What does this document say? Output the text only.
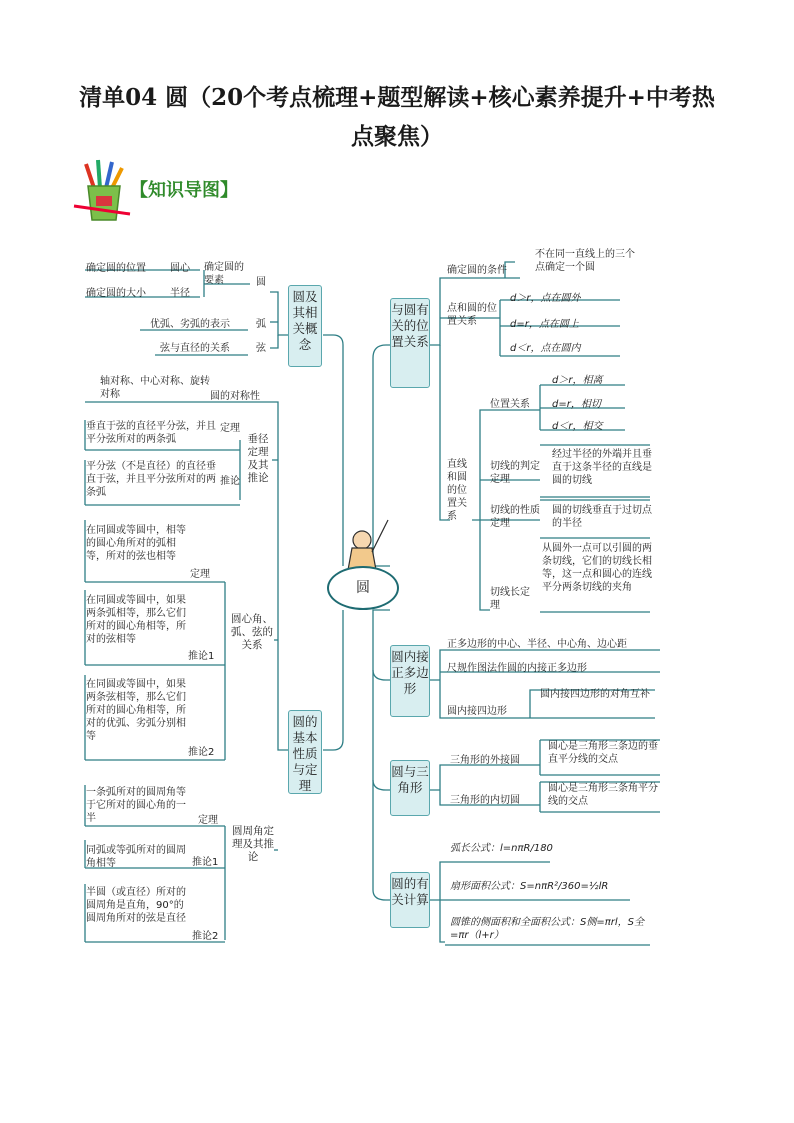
清单04 圆（20个考点梳理+题型解读+核心素养提升+中考热
点聚焦）
【知识导图】
圆
圆及其相关概念
确定圆的位置 圆心
确定圆的大小 半径
确定圆的要素	圆
优弧、劣弧的表示	弧
弦与直径的关系	弦
圆的基本性质与定理
轴对称、中心对称、旋转对称	圆的对称性
垂径定理及其推论
垂直于弦的直径平分弦，并且平分弦所对的两条弧
定理
平分弦（不是直径）的直径垂直于弦，并且平分弦所对的两条弧
推论
圆心角、弧、弦的关系
在同圆或等圆中，相等的圆心角所对的弧相等，所对的弦也相等
定理
在同圆或等圆中，如果两条弧相等，那么它们所对的圆心角相等，所对的弦相等
推论1
在同圆或等圆中，如果两条弦相等，那么它们所对的圆心角相等，所对的优弧、劣弧分别相等
推论2
圆周角定理及其推论
一条弧所对的圆周角等于它所对的圆心角的一半	定理
同弧或等弧所对的圆周角相等	推论1
半圆（或直径）所对的圆周角是直角，90°的圆周角所对的弦是直径
推论2
与圆有关的位置关系
确定圆的条件
不在同一直线上的三个点确定一个圆
点和圆的位置关系
d＞r，点在圆外
d=r，点在圆上
d＜r，点在圆内
直线和圆的位置关系
位置关系
d＞r，相离
d=r，相切
d＜r，相交
切线的判定定理
经过半径的外端并且垂直于这条半径的直线是圆的切线
切线的性质定理
圆的切线垂直于过切点的半径
切线长定理
从圆外一点可以引圆的两条切线，它们的切线长相等，这一点和圆心的连线平分两条切线的夹角
圆内接正多边形
正多边形的中心、半径、中心角、边心距
尺规作图法作圆的内接正多边形
圆内接四边形
圆内接四边形的对角互补
圆与三角形
三角形的外接圆
圆心是三角形三条边的垂直平分线的交点
三角形的内切圆
圆心是三角形三条角平分线的交点
圆的有关计算
弧长公式：l=nπR/180
扇形面积公式：S=nπR²/360=½lR
圆锥的侧面积和全面积公式：S侧=πrl，S全=πr（l+r）
